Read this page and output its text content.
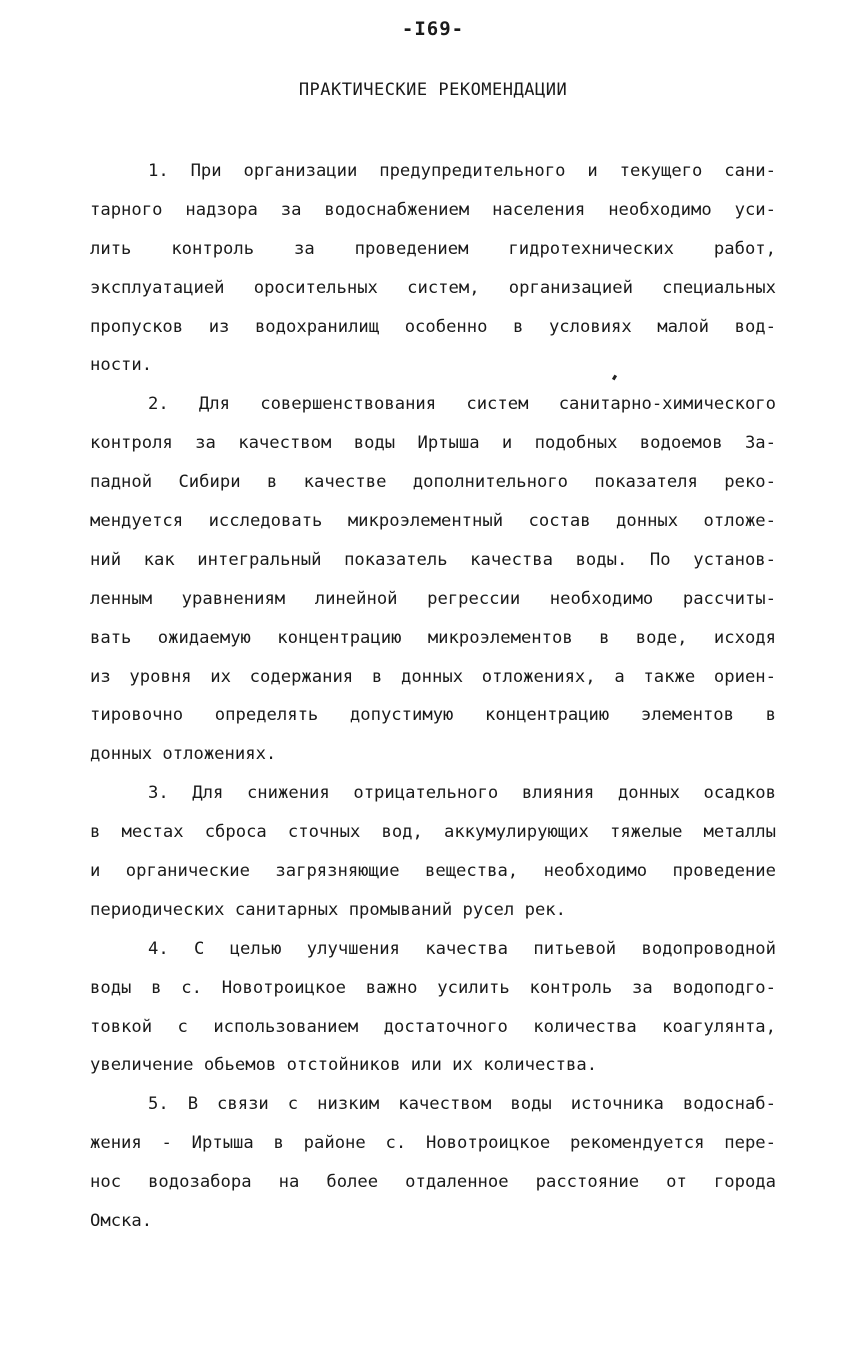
-I69-
ПРАКТИЧЕСКИЕ РЕКОМЕНДАЦИИ
1. При организации предупредительного и текущего сани-
тарного надзора за водоснабжением населения необходимо уси-
лить контроль за проведением гидротехнических работ,
эксплуатацией оросительных систем, организацией специальных
пропусков из водохранилищ особенно в условиях малой вод-
ности.
2. Для совершенствования систем санитарно-химического
контроля за качеством воды Иртыша и подобных водоемов За-
падной Сибири в качестве дополнительного показателя реко-
мендуется исследовать микроэлементный состав донных отложе-
ний как интегральный показатель качества воды. По установ-
ленным уравнениям линейной регрессии необходимо рассчиты-
вать ожидаемую концентрацию микроэлементов в воде, исходя
из уровня их содержания в донных отложениях, а также ориен-
тировочно определять допустимую концентрацию элементов в
донных отложениях.
3. Для снижения отрицательного влияния донных осадков
в местах сброса сточных вод, аккумулирующих тяжелые металлы
и органические загрязняющие вещества, необходимо проведение
периодических санитарных промываний русел рек.
4. С целью улучшения качества питьевой водопроводной
воды в с. Новотроицкое важно усилить контроль за водоподго-
товкой с использованием достаточного количества коагулянта,
увеличение обьемов отстойников или их количества.
5. В связи с низким качеством воды источника водоснаб-
жения - Иртыша в районе с. Новотроицкое рекомендуется пере-
нос водозабора на более отдаленное расстояние от города
Омска.
